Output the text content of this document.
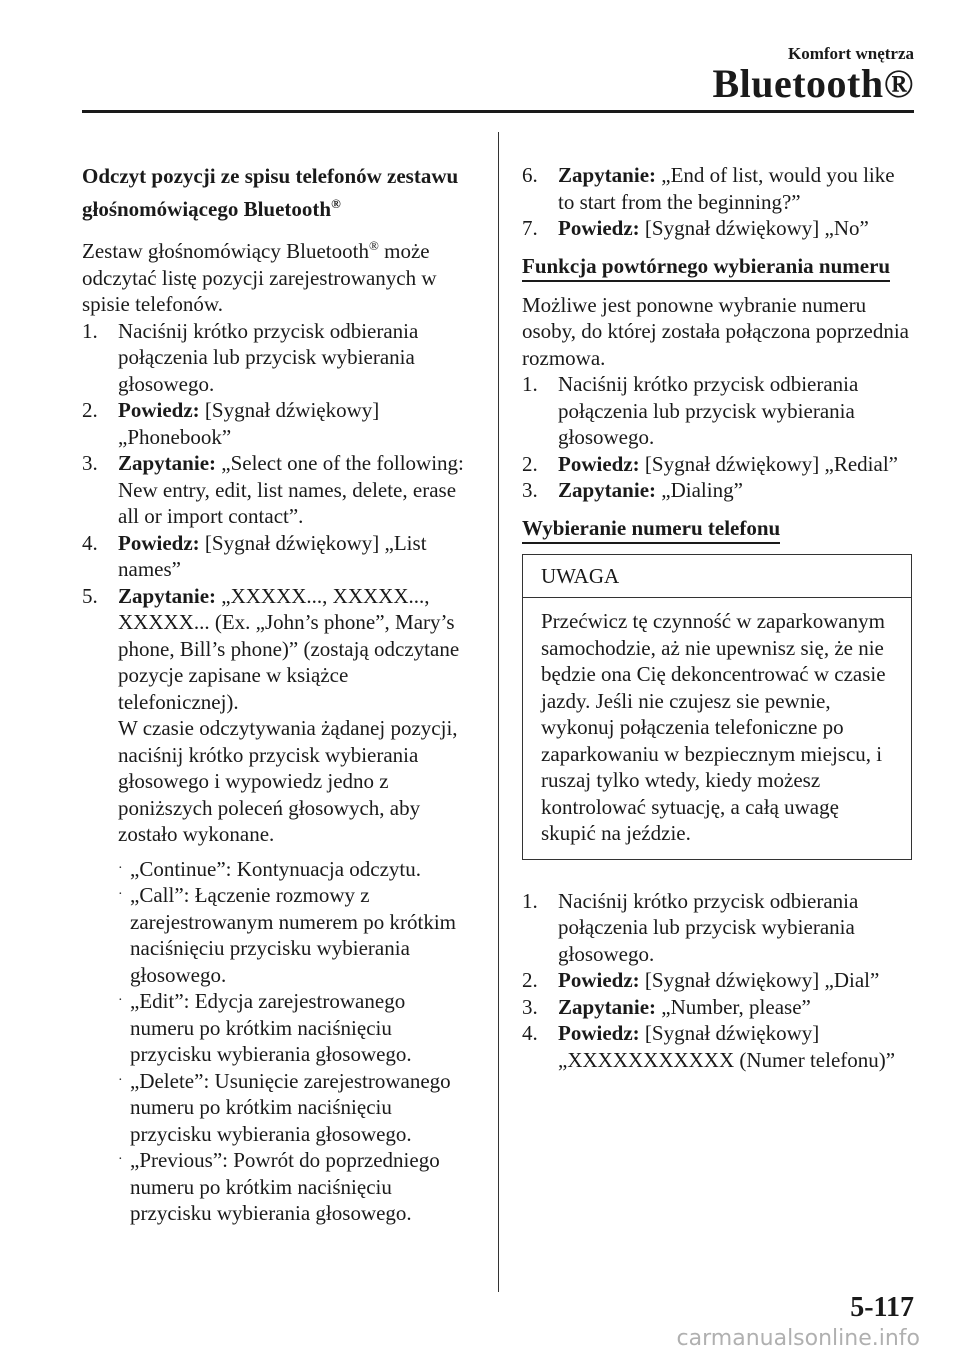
Komfort wnętrza
Bluetooth®
Odczyt pozycji ze spisu telefonów zestawu głośnomówiącego Bluetooth®
Zestaw głośnomówiący Bluetooth® może odczytać listę pozycji zarejestrowanych w spisie telefonów.
1. Naciśnij krótko przycisk odbierania połączenia lub przycisk wybierania głosowego.
2. Powiedz: [Sygnał dźwiękowy] „Phonebook”
3. Zapytanie: „Select one of the following: New entry, edit, list names, delete, erase all or import contact”.
4. Powiedz: [Sygnał dźwiękowy] „List names”
5. Zapytanie: „XXXXX..., XXXXX..., XXXXX... (Ex. „John’s phone”, Mary’s phone, Bill’s phone)” (zostają odczytane pozycje zapisane w książce telefonicznej).
W czasie odczytywania żądanej pozycji, naciśnij krótko przycisk wybierania głosowego i wypowiedz jedno z poniższych poleceń głosowych, aby zostało wykonane.
· „Continue”: Kontynuacja odczytu.
· „Call”: Łączenie rozmowy z zarejestrowanym numerem po krótkim naciśnięciu przycisku wybierania głosowego.
· „Edit”: Edycja zarejestrowanego numeru po krótkim naciśnięciu przycisku wybierania głosowego.
· „Delete”: Usunięcie zarejestrowanego numeru po krótkim naciśnięciu przycisku wybierania głosowego.
· „Previous”: Powrót do poprzedniego numeru po krótkim naciśnięciu przycisku wybierania głosowego.
6. Zapytanie: „End of list, would you like to start from the beginning?”
7. Powiedz: [Sygnał dźwiękowy] „No”
Funkcja powtórnego wybierania numeru
Możliwe jest ponowne wybranie numeru osoby, do której została połączona poprzednia rozmowa.
1. Naciśnij krótko przycisk odbierania połączenia lub przycisk wybierania głosowego.
2. Powiedz: [Sygnał dźwiękowy] „Redial”
3. Zapytanie: „Dialing”
Wybieranie numeru telefonu
UWAGA
Przećwicz tę czynność w zaparkowanym samochodzie, aż nie upewnisz się, że nie będzie ona Cię dekoncentrować w czasie jazdy. Jeśli nie czujesz sie pewnie, wykonuj połączenia telefoniczne po zaparkowaniu w bezpiecznym miejscu, i ruszaj tylko wtedy, kiedy możesz kontrolować sytuację, a całą uwagę skupić na jeździe.
1. Naciśnij krótko przycisk odbierania połączenia lub przycisk wybierania głosowego.
2. Powiedz: [Sygnał dźwiękowy] „Dial”
3. Zapytanie: „Number, please”
4. Powiedz: [Sygnał dźwiękowy] „XXXXXXXXXXX (Numer telefonu)”
5-117
carmanualsonline.info
